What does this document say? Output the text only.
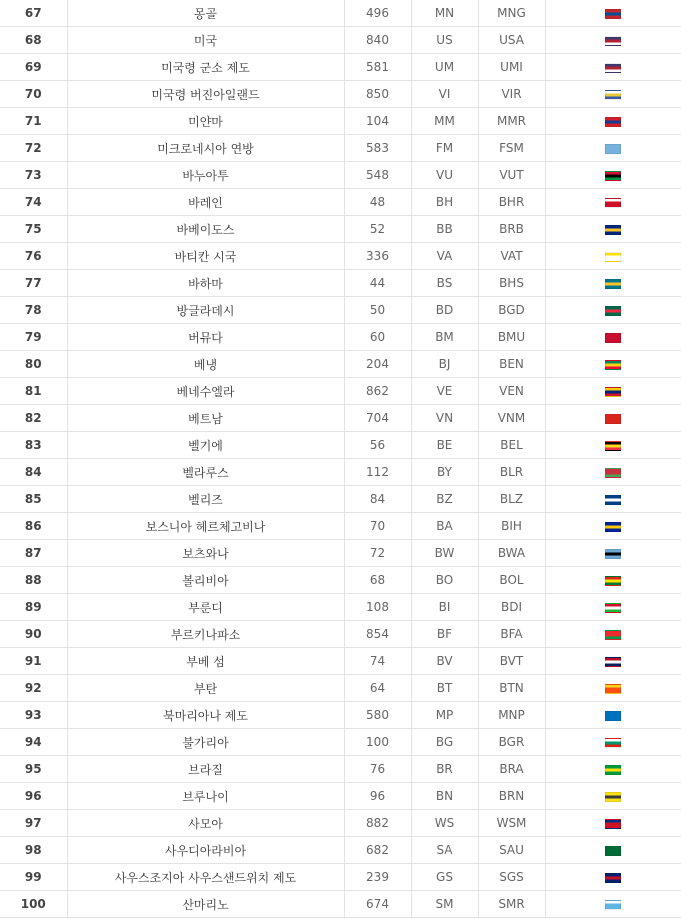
67	몽골	496	MN	MNG	
68	미국	840	US	USA	
69	미국령 군소 제도	581	UM	UMI	
70	미국령 버진아일랜드	850	VI	VIR	
71	미얀마	104	MM	MMR	
72	미크로네시아 연방	583	FM	FSM	
73	바누아투	548	VU	VUT	
74	바레인	48	BH	BHR	
75	바베이도스	52	BB	BRB	
76	바티칸 시국	336	VA	VAT	
77	바하마	44	BS	BHS	
78	방글라데시	50	BD	BGD	
79	버뮤다	60	BM	BMU	
80	베냉	204	BJ	BEN	
81	베네수엘라	862	VE	VEN	
82	베트남	704	VN	VNM	
83	벨기에	56	BE	BEL	
84	벨라루스	112	BY	BLR	
85	벨리즈	84	BZ	BLZ	
86	보스니아 헤르체고비나	70	BA	BIH	
87	보츠와나	72	BW	BWA	
88	볼리비아	68	BO	BOL	
89	부룬디	108	BI	BDI	
90	부르키나파소	854	BF	BFA	
91	부베 섬	74	BV	BVT	
92	부탄	64	BT	BTN	
93	북마리아나 제도	580	MP	MNP	
94	불가리아	100	BG	BGR	
95	브라질	76	BR	BRA	
96	브루나이	96	BN	BRN	
97	사모아	882	WS	WSM	
98	사우디아라비아	682	SA	SAU	
99	사우스조지아 사우스샌드위치 제도	239	GS	SGS	
100	산마리노	674	SM	SMR	
